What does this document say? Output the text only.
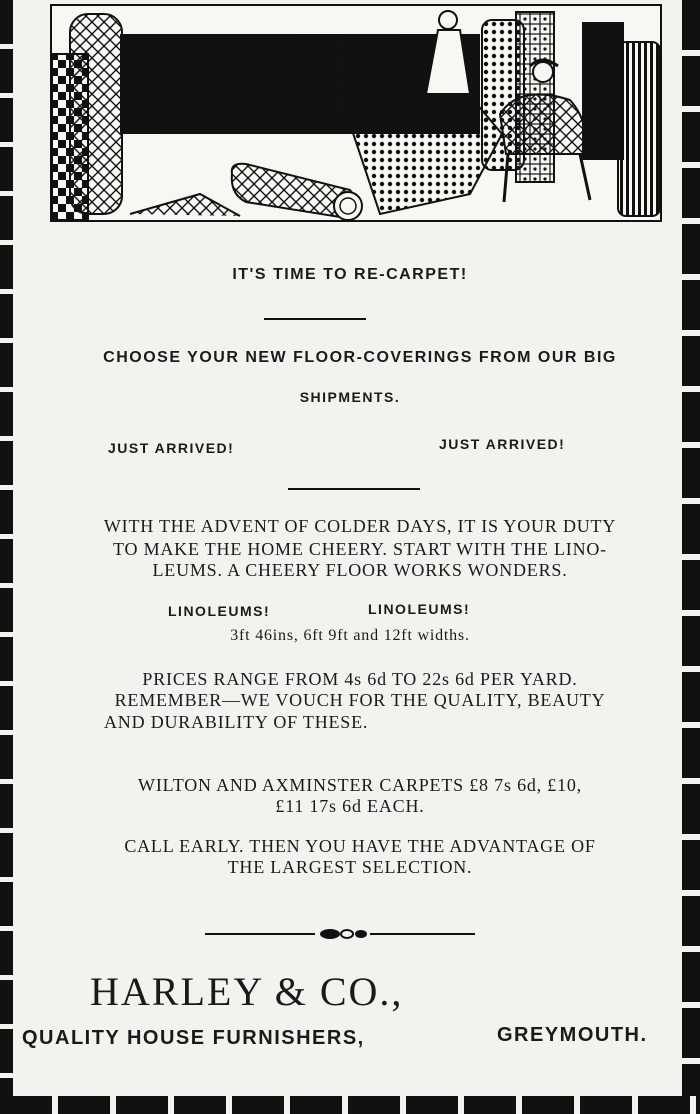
IT'S TIME TO RE-CARPET!
CHOOSE YOUR NEW FLOOR-COVERINGS FROM OUR BIG
SHIPMENTS.
JUST ARRIVED!	JUST ARRIVED!
WITH THE ADVENT OF COLDER DAYS, IT IS YOUR DUTY
TO MAKE THE HOME CHEERY. START WITH THE LINO-
LEUMS. A CHEERY FLOOR WORKS WONDERS.
LINOLEUMS!	LINOLEUMS!
3ft 46ins, 6ft 9ft and 12ft widths.
PRICES RANGE FROM 4s 6d TO 22s 6d PER YARD.
REMEMBER—WE VOUCH FOR THE QUALITY, BEAUTY
AND DURABILITY OF THESE.
WILTON AND AXMINSTER CARPETS £8 7s 6d, £10,
£11 17s 6d EACH.
CALL EARLY. THEN YOU HAVE THE ADVANTAGE OF
THE LARGEST SELECTION.
HARLEY & CO.,
QUALITY HOUSE FURNISHERS,	GREYMOUTH.
